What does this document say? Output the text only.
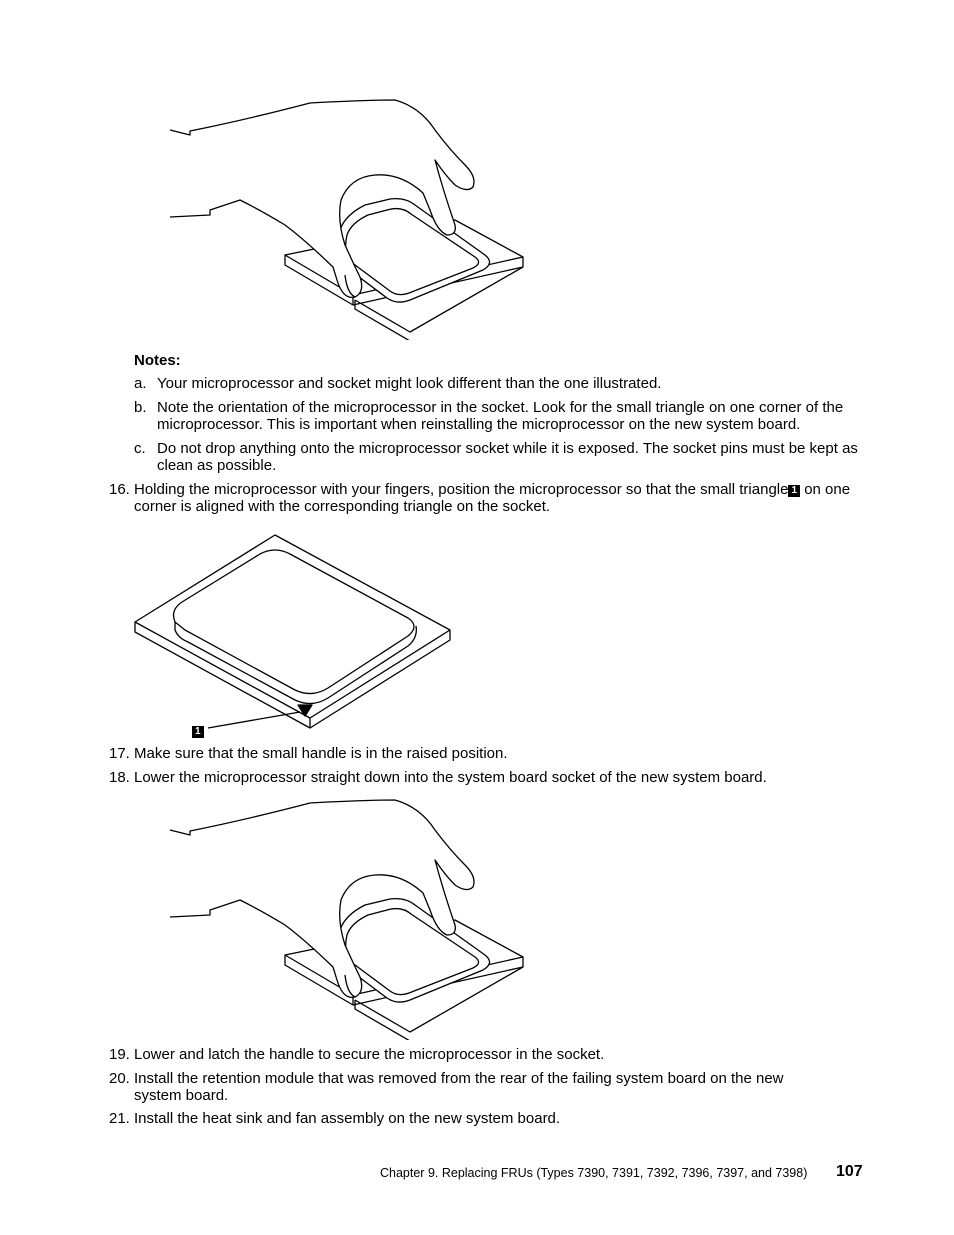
Notes:
a. Your microprocessor and socket might look different than the one illustrated.
b. Note the orientation of the microprocessor in the socket. Look for the small triangle on one corner of the microprocessor. This is important when reinstalling the microprocessor on the new system board.
c. Do not drop anything onto the microprocessor socket while it is exposed. The socket pins must be kept as clean as possible.
16. Holding the microprocessor with your fingers, position the microprocessor so that the small triangle 1 on one corner is aligned with the corresponding triangle on the socket.
1
17. Make sure that the small handle is in the raised position.
18. Lower the microprocessor straight down into the system board socket of the new system board.
19. Lower and latch the handle to secure the microprocessor in the socket.
20. Install the retention module that was removed from the rear of the failing system board on the new system board.
21. Install the heat sink and fan assembly on the new system board.
Chapter 9. Replacing FRUs (Types 7390, 7391, 7392, 7396, 7397, and 7398) 107
